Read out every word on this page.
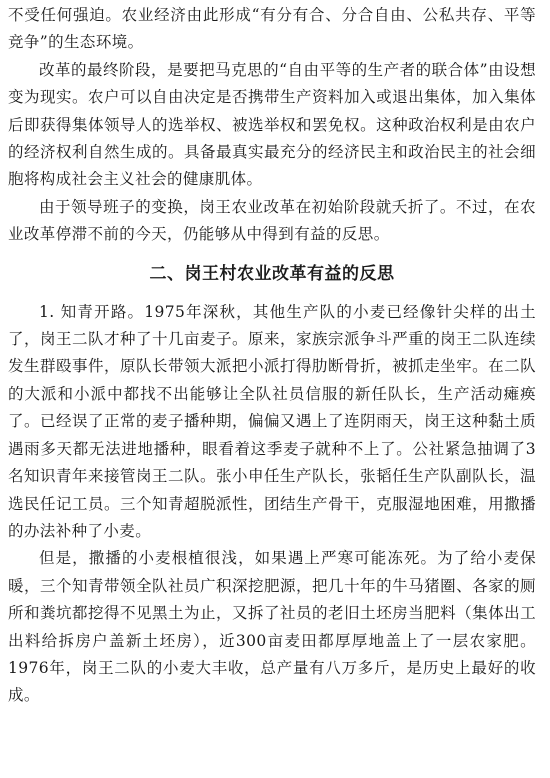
不受任何强迫。农业经济由此形成“有分有合、分合自由、公私共存、平等竞争”的生态环境。

改革的最终阶段，是要把马克思的“自由平等的生产者的联合体”由设想变为现实。农户可以自由决定是否携带生产资料加入或退出集体，加入集体后即获得集体领导人的选举权、被选举权和罢免权。这种政治权利是由农户的经济权利自然生成的。具备最真实最充分的经济民主和政治民主的社会细胞将构成社会主义社会的健康肌体。

由于领导班子的变换，岗王农业改革在初始阶段就夭折了。不过，在农业改革停滞不前的今天，仍能够从中得到有益的反思。

二、岗王村农业改革有益的反思

1. 知青开路。1975年深秋，其他生产队的小麦已经像针尖样的出土了，岗王二队才种了十几亩麦子。原来，家族宗派争斗严重的岗王二队连续发生群殴事件，原队长带领大派把小派打得肋断骨折，被抓走坐牢。在二队的大派和小派中都找不出能够让全队社员信服的新任队长，生产活动瘫痪了。已经误了正常的麦子播种期，偏偏又遇上了连阴雨天，岗王这种黏土质遇雨多天都无法进地播种，眼看着这季麦子就种不上了。公社紧急抽调了3名知识青年来接管岗王二队。张小申任生产队长，张韬任生产队副队长，温选民任记工员。三个知青超脱派性，团结生产骨干，克服湿地困难，用撒播的办法补种了小麦。

但是，撒播的小麦根植很浅，如果遇上严寒可能冻死。为了给小麦保暖，三个知青带领全队社员广积深挖肥源，把几十年的牛马猪圈、各家的厕所和粪坑都挖得不见黑土为止，又拆了社员的老旧土坯房当肥料（集体出工出料给拆房户盖新土坯房），近300亩麦田都厚厚地盖上了一层农家肥。1976年，岗王二队的小麦大丰收，总产量有八万多斤，是历史上最好的收成。
